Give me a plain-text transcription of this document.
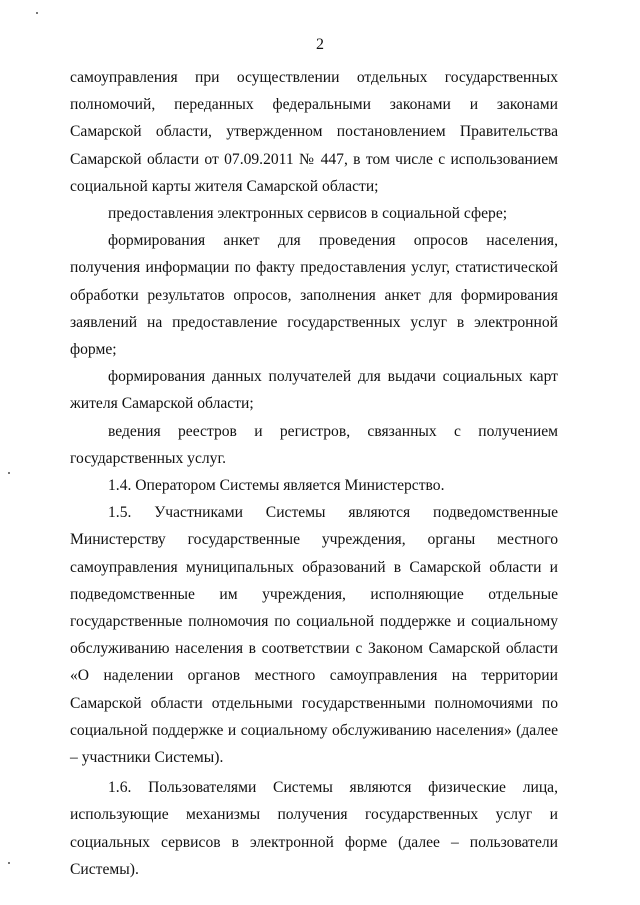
2

самоуправления при осуществлении отдельных государственных полномочий, переданных федеральными законами и законами Самарской области, утвержденном постановлением Правительства Самарской области от 07.09.2011 № 447, в том числе с использованием социальной карты жителя Самарской области;

предоставления электронных сервисов в социальной сфере;

формирования анкет для проведения опросов населения, получения информации по факту предоставления услуг, статистической обработки результатов опросов, заполнения анкет для формирования заявлений на предоставление государственных услуг в электронной форме;

формирования данных получателей для выдачи социальных карт жителя Самарской области;

ведения реестров и регистров, связанных с получением государственных услуг.

1.4. Оператором Системы является Министерство.

1.5. Участниками Системы являются подведомственные Министерству государственные учреждения, органы местного самоуправления муниципальных образований в Самарской области и подведомственные им учреждения, исполняющие отдельные государственные полномочия по социальной поддержке и социальному обслуживанию населения в соответствии с Законом Самарской области «О наделении органов местного самоуправления на территории Самарской области отдельными государственными полномочиями по социальной поддержке и социальному обслуживанию населения» (далее – участники Системы).

1.6. Пользователями Системы являются физические лица, использующие механизмы получения государственных услуг и социальных сервисов в электронной форме (далее – пользователи Системы).
